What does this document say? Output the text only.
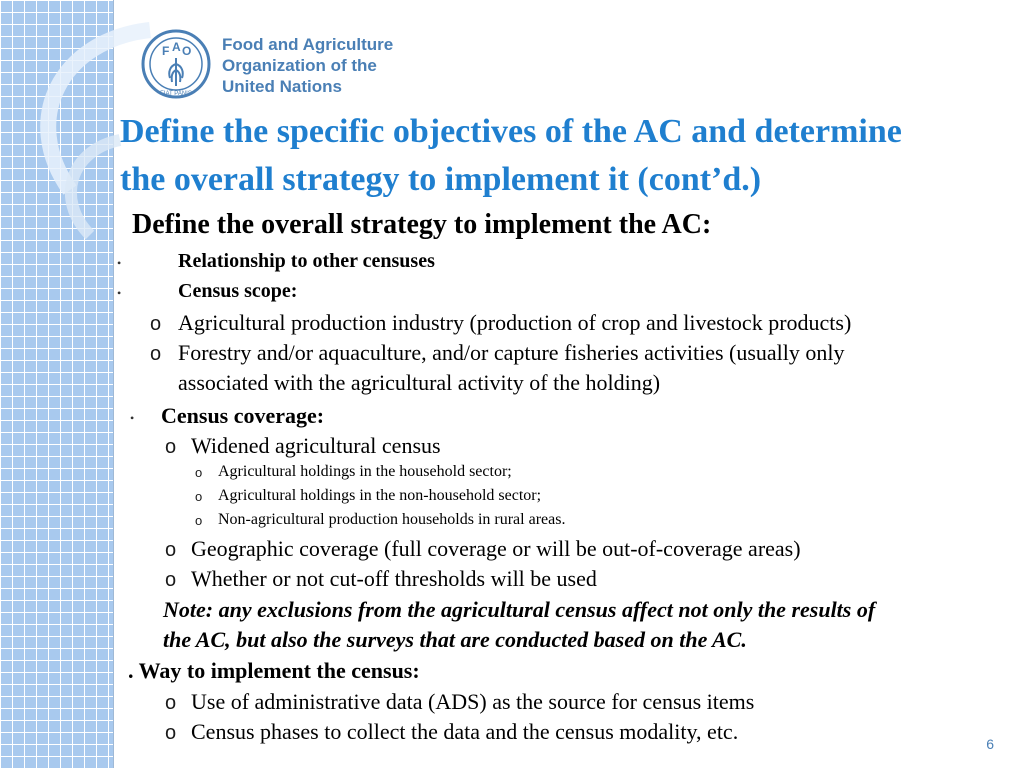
F A O
FIAT PANIS
Food and Agriculture
Organization of the
United Nations
Define the specific objectives of the AC and determine
the overall strategy to implement it (cont’d.)
Define the overall strategy to implement the AC:
•	Relationship to other censuses
•	Census scope:
o Agricultural production industry (production of crop and livestock products)
o Forestry and/or aquaculture, and/or capture fisheries activities (usually only
associated with the agricultural activity of the holding)
• Census coverage:
o Widened agricultural census
o Agricultural holdings in the household sector;
o Agricultural holdings in the non-household sector;
o Non-agricultural production households in rural areas.
o Geographic coverage (full coverage or will be out-of-coverage areas)
o Whether or not cut-off thresholds will be used
Note: any exclusions from the agricultural census affect not only the results of
the AC, but also the surveys that are conducted based on the AC.
. Way to implement the census:
o Use of administrative data (ADS) as the source for census items
o Census phases to collect the data and the census modality, etc.	6
